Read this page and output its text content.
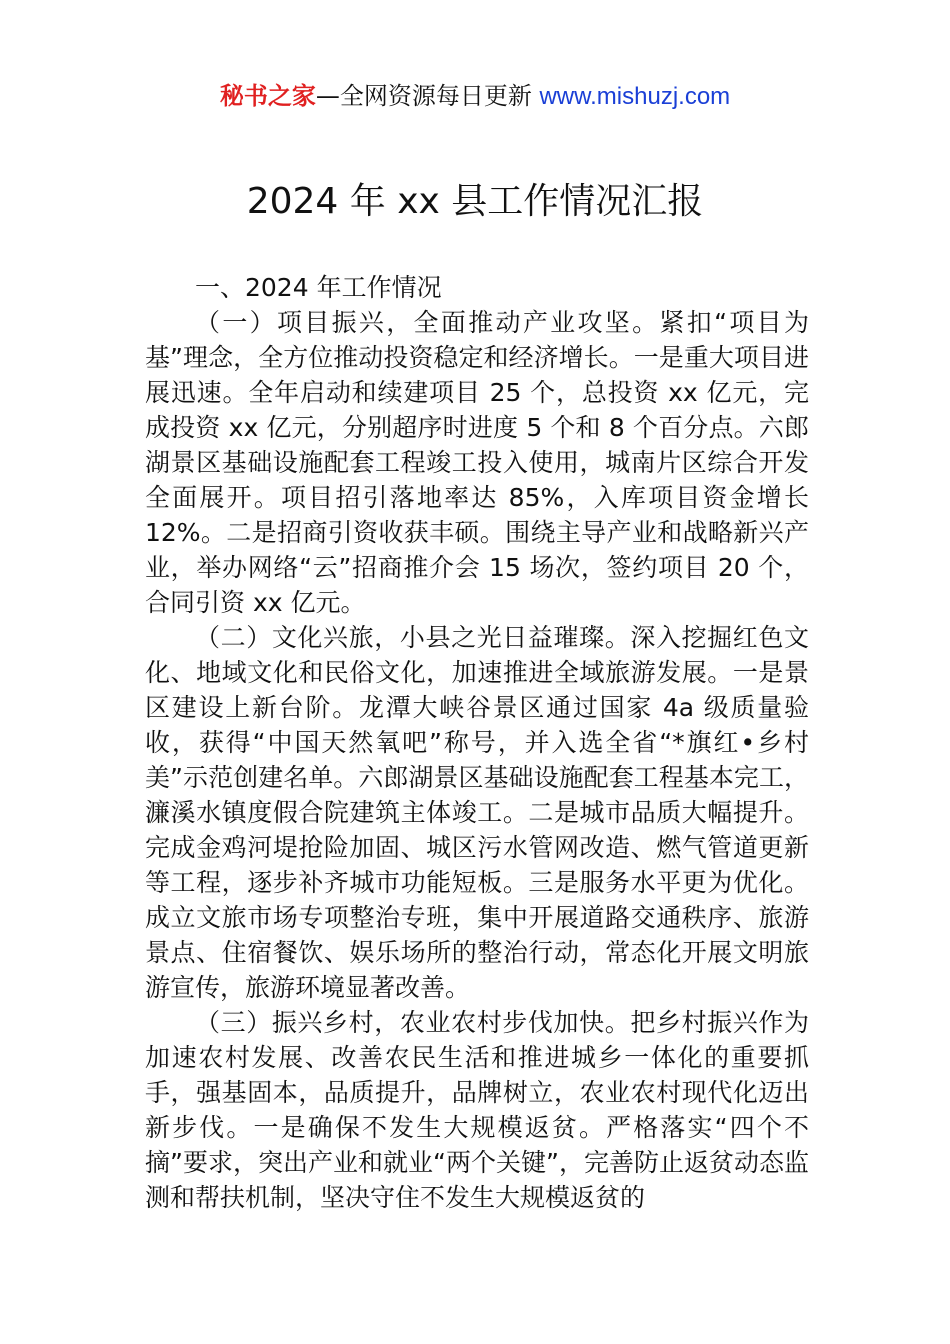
秘书之家—全网资源每日更新 www.mishuzj.com
2024 年 xx 县工作情况汇报

一、2024 年工作情况

（一）项目振兴，全面推动产业攻坚。紧扣“项目为基”理念，全方位推动投资稳定和经济增长。一是重大项目进展迅速。全年启动和续建项目 25 个，总投资 xx 亿元，完成投资 xx 亿元，分别超序时进度 5 个和 8 个百分点。六郎湖景区基础设施配套工程竣工投入使用，城南片区综合开发全面展开。项目招引落地率达 85%，入库项目资金增长 12%。二是招商引资收获丰硕。围绕主导产业和战略新兴产业，举办网络“云”招商推介会 15 场次，签约项目 20 个，合同引资 xx 亿元。

（二）文化兴旅，小县之光日益璀璨。深入挖掘红色文化、地域文化和民俗文化，加速推进全域旅游发展。一是景区建设上新台阶。龙潭大峡谷景区通过国家 4a 级质量验收，获得“中国天然氧吧”称号，并入选全省“*旗红•乡村美”示范创建名单。六郎湖景区基础设施配套工程基本完工，濂溪水镇度假合院建筑主体竣工。二是城市品质大幅提升。完成金鸡河堤抢险加固、城区污水管网改造、燃气管道更新等工程，逐步补齐城市功能短板。三是服务水平更为优化。成立文旅市场专项整治专班，集中开展道路交通秩序、旅游景点、住宿餐饮、娱乐场所的整治行动，常态化开展文明旅游宣传，旅游环境显著改善。

（三）振兴乡村，农业农村步伐加快。把乡村振兴作为加速农村发展、改善农民生活和推进城乡一体化的重要抓手，强基固本，品质提升，品牌树立，农业农村现代化迈出新步伐。一是确保不发生大规模返贫。严格落实“四个不摘”要求，突出产业和就业“两个关键”，完善防止返贫动态监测和帮扶机制，坚决守住不发生大规模返贫的
